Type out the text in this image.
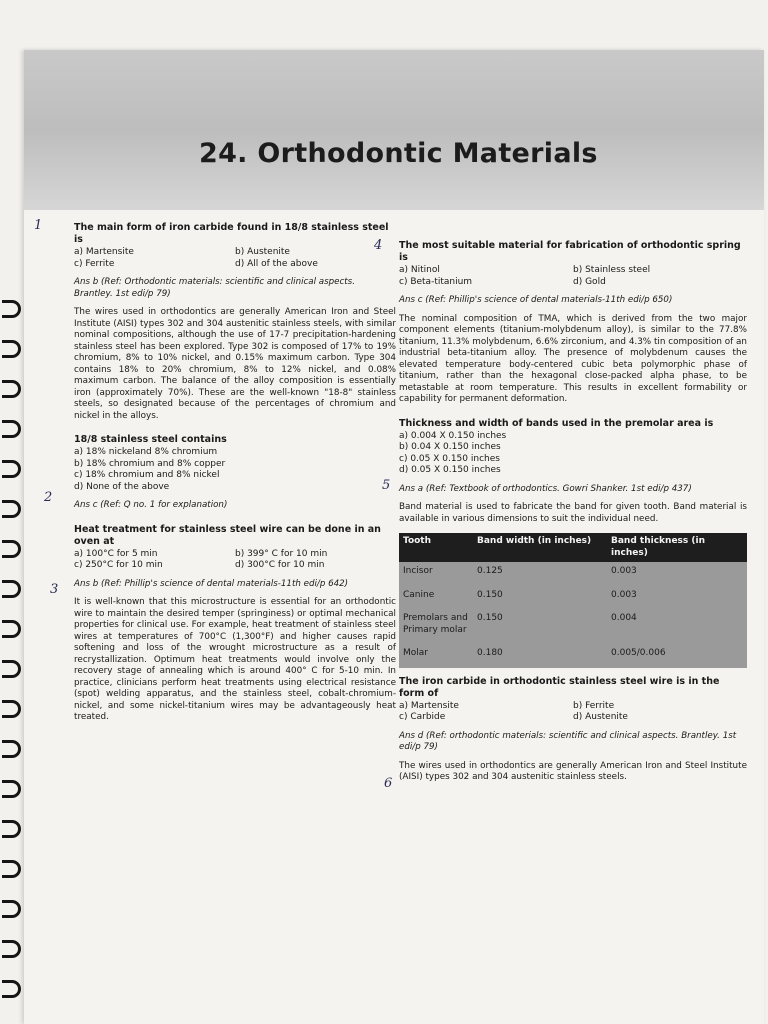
24. Orthodontic Materials
1
2
3
4
5
6
The main form of iron carbide found in 18/8 stainless steel is
a) Martensite	b) Austenite
c) Ferrite	d) All of the above
Ans b (Ref: Orthodontic materials: scientific and clinical aspects. Brantley. 1st edi/p 79)
The wires used in orthodontics are generally American Iron and Steel Institute (AISI) types 302 and 304 austenitic stainless steels, with similar nominal compositions, although the use of 17-7 precipitation-hardening stainless steel has been explored. Type 302 is composed of 17% to 19% chromium, 8% to 10% nickel, and 0.15% maximum carbon. Type 304 contains 18% to 20% chromium, 8% to 12% nickel, and 0.08% maximum carbon. The balance of the alloy composition is essentially iron (approximately 70%). These are the well-known "18-8" stainless steels, so designated because of the percentages of chromium and nickel in the alloys.
18/8 stainless steel contains
a) 18% nickeland 8% chromium
b) 18% chromium and 8% copper
c) 18% chromium and 8% nickel
d) None of the above
Ans c (Ref: Q no. 1 for explanation)
Heat treatment for stainless steel wire can be done in an oven at
a) 100°C for 5 min	b) 399° C for 10 min
c) 250°C for 10 min	d) 300°C for 10 min
Ans b (Ref: Phillip's science of dental materials-11th edi/p 642)
It is well-known that this microstructure is essential for an orthodontic wire to maintain the desired temper (springiness) or optimal mechanical properties for clinical use. For example, heat treatment of stainless steel wires at temperatures of 700°C (1,300°F) and higher causes rapid softening and loss of the wrought microstructure as a result of recrystallization. Optimum heat treatments would involve only the recovery stage of annealing which is around 400° C for 5-10 min. In practice, clinicians perform heat treatments using electrical resistance (spot) welding apparatus, and the stainless steel, cobalt-chromium-nickel, and some nickel-titanium wires may be advantageously heat treated.
The most suitable material for fabrication of orthodontic spring is
a) Nitinol	b) Stainless steel
c) Beta-titanium	d) Gold
Ans c (Ref: Phillip's science of dental materials-11th edi/p 650)
The nominal composition of TMA, which is derived from the two major component elements (titanium-molybdenum alloy), is similar to the 77.8% titanium, 11.3% molybdenum, 6.6% zirconium, and 4.3% tin composition of an industrial beta-titanium alloy. The presence of molybdenum causes the elevated temperature body-centered cubic beta polymorphic phase of titanium, rather than the hexagonal close-packed alpha phase, to be metastable at room temperature. This results in excellent formability or capability for permanent deformation.
Thickness and width of bands used in the premolar area is
a) 0.004 X 0.150 inches
b) 0.04 X 0.150 inches
c) 0.05 X 0.150 inches
d) 0.05 X 0.150 inches
Ans a (Ref: Textbook of orthodontics. Gowri Shanker. 1st edi/p 437)
Band material is used to fabricate the band for given tooth. Band material is available in various dimensions to suit the individual need.
Tooth	Band width (in inches)	Band thickness (in inches)
Incisor	0.125	0.003
Canine	0.150	0.003
Premolars and Primary molar	0.150	0.004
Molar	0.180	0.005/0.006
The iron carbide in orthodontic stainless steel wire is in the form of
a) Martensite	b) Ferrite
c) Carbide	d) Austenite
Ans d (Ref: orthodontic materials: scientific and clinical aspects. Brantley. 1st edi/p 79)
The wires used in orthodontics are generally American Iron and Steel Institute (AISI) types 302 and 304 austenitic stainless steels.
